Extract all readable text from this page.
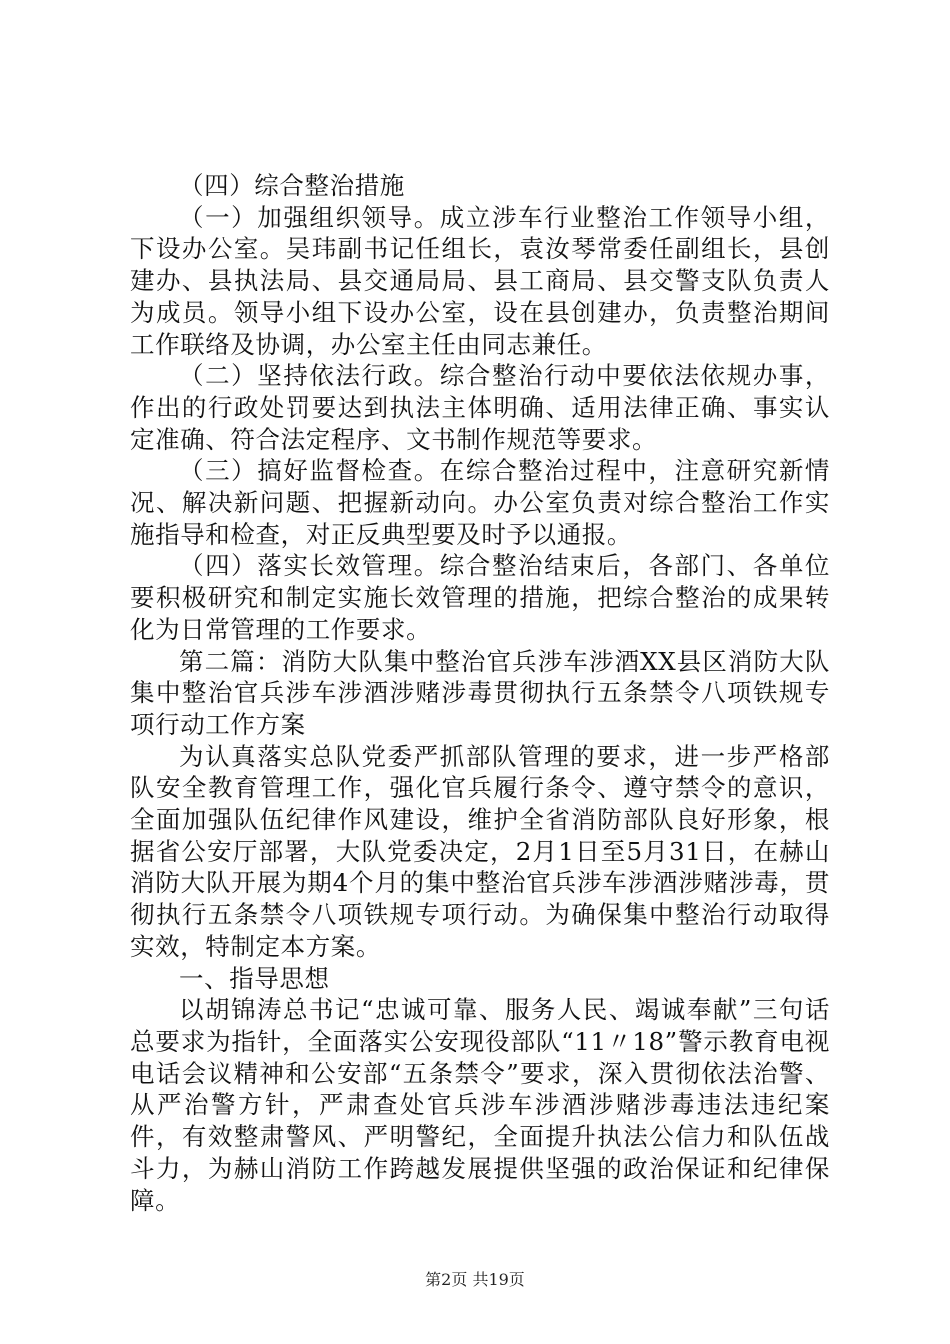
（四）综合整治措施

（一）加强组织领导。成立涉车行业整治工作领导小组，下设办公室。吴玮副书记任组长，袁汝琴常委任副组长，县创建办、县执法局、县交通局局、县工商局、县交警支队负责人为成员。领导小组下设办公室，设在县创建办，负责整治期间工作联络及协调，办公室主任由同志兼任。

（二）坚持依法行政。综合整治行动中要依法依规办事，作出的行政处罚要达到执法主体明确、适用法律正确、事实认定准确、符合法定程序、文书制作规范等要求。

（三）搞好监督检查。在综合整治过程中，注意研究新情况、解决新问题、把握新动向。办公室负责对综合整治工作实施指导和检查，对正反典型要及时予以通报。

（四）落实长效管理。综合整治结束后，各部门、各单位要积极研究和制定实施长效管理的措施，把综合整治的成果转化为日常管理的工作要求。

第二篇：消防大队集中整治官兵涉车涉酒XX县区消防大队集中整治官兵涉车涉酒涉赌涉毒贯彻执行五条禁令八项铁规专项行动工作方案

为认真落实总队党委严抓部队管理的要求，进一步严格部队安全教育管理工作，强化官兵履行条令、遵守禁令的意识，全面加强队伍纪律作风建设，维护全省消防部队良好形象，根据省公安厅部署，大队党委决定，2月1日至5月31日，在赫山消防大队开展为期4个月的集中整治官兵涉车涉酒涉赌涉毒，贯彻执行五条禁令八项铁规专项行动。为确保集中整治行动取得实效，特制定本方案。

一、指导思想

以胡锦涛总书记“忠诚可靠、服务人民、竭诚奉献”三句话总要求为指针，全面落实公安现役部队“11〃18”警示教育电视电话会议精神和公安部“五条禁令”要求，深入贯彻依法治警、从严治警方针，严肃查处官兵涉车涉酒涉赌涉毒违法违纪案件，有效整肃警风、严明警纪，全面提升执法公信力和队伍战斗力，为赫山消防工作跨越发展提供坚强的政治保证和纪律保障。

第2页 共19页
